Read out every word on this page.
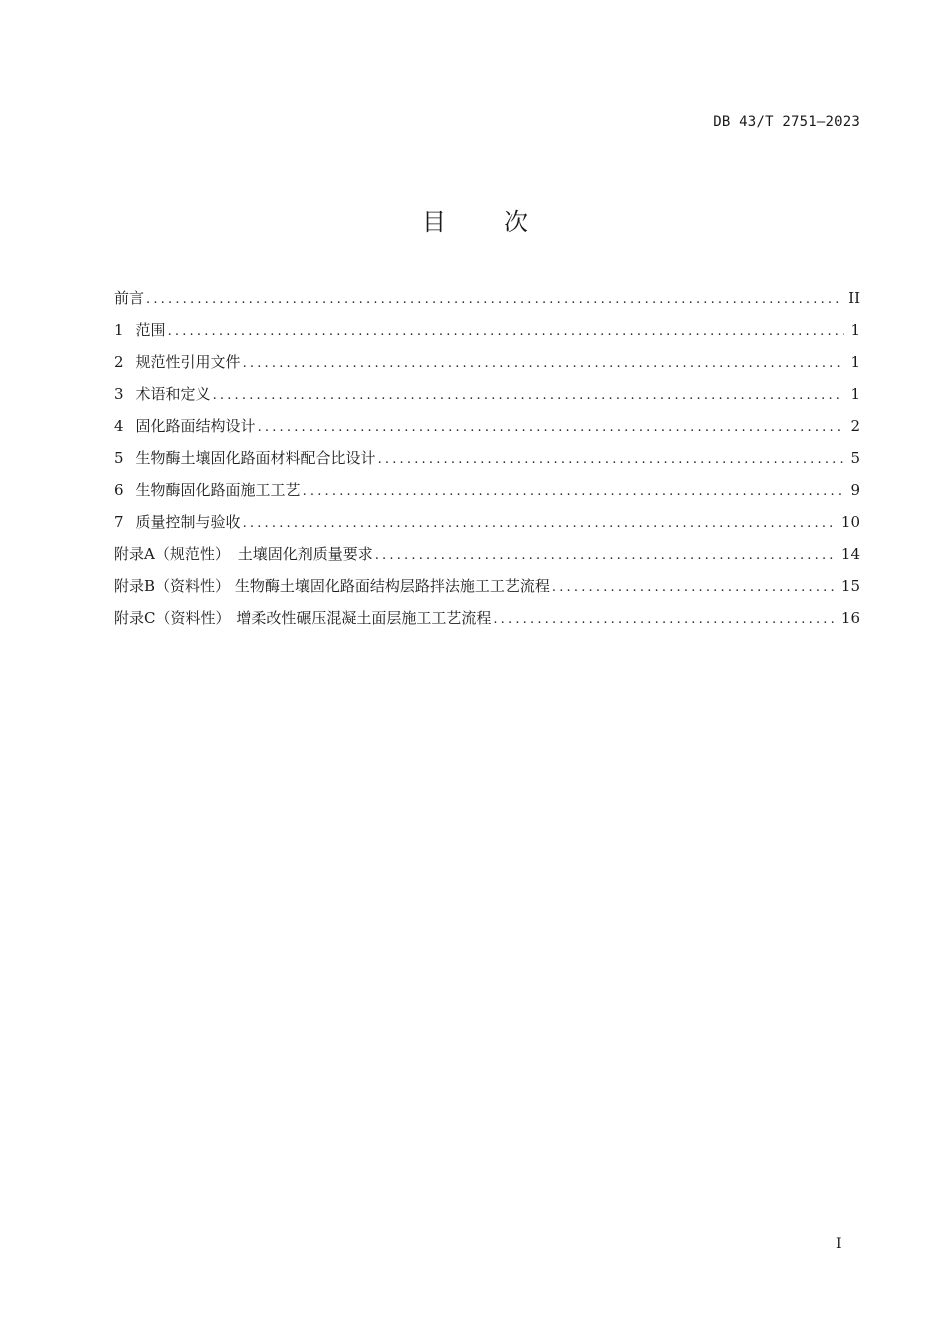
DB 43/T 2751—2023
目次
前言 .....	II
1 范围 .....	1
2 规范性引用文件 .....	1
3 术语和定义 .....	1
4 固化路面结构设计 .....	2
5 生物酶土壤固化路面材料配合比设计 .....	5
6 生物酶固化路面施工工艺 .....	9
7 质量控制与验收 .....	10
附录A（规范性） 土壤固化剂质量要求 .....	14
附录B（资料性） 生物酶土壤固化路面结构层路拌法施工工艺流程 .....	15
附录C（资料性） 增柔改性碾压混凝土面层施工工艺流程 .....	16
I
